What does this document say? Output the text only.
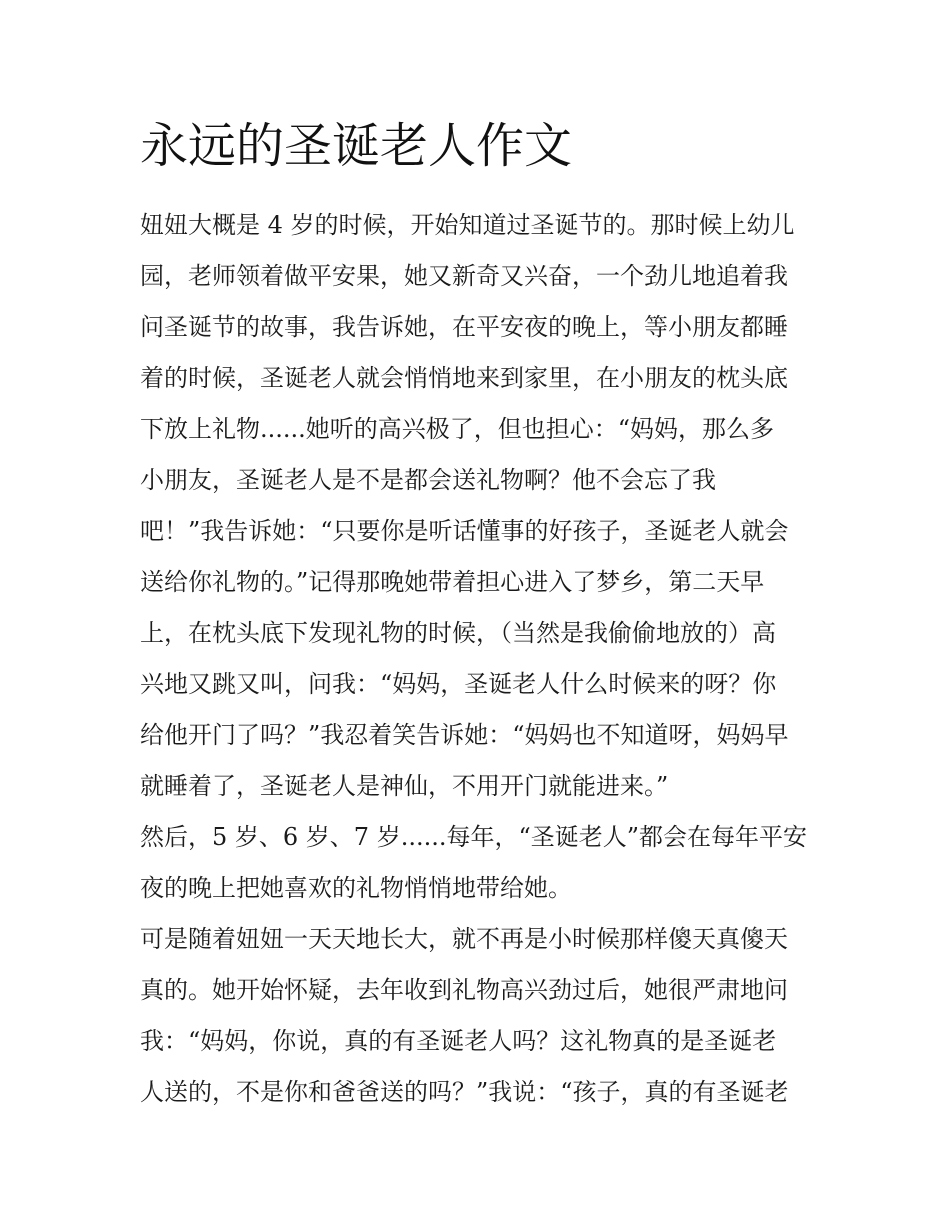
永远的圣诞老人作文
妞妞大概是 4 岁的时候，开始知道过圣诞节的。那时候上幼儿
园，老师领着做平安果，她又新奇又兴奋，一个劲儿地追着我
问圣诞节的故事，我告诉她，在平安夜的晚上，等小朋友都睡
着的时候，圣诞老人就会悄悄地来到家里，在小朋友的枕头底
下放上礼物......她听的高兴极了，但也担心：“妈妈，那么多
小朋友，圣诞老人是不是都会送礼物啊？他不会忘了我
吧！”我告诉她：“只要你是听话懂事的好孩子，圣诞老人就会
送给你礼物的。”记得那晚她带着担心进入了梦乡，第二天早
上，在枕头底下发现礼物的时候，（当然是我偷偷地放的）高
兴地又跳又叫，问我：“妈妈，圣诞老人什么时候来的呀？你
给他开门了吗？”我忍着笑告诉她：“妈妈也不知道呀，妈妈早
就睡着了，圣诞老人是神仙，不用开门就能进来。”
然后，5 岁、6 岁、7 岁......每年，“圣诞老人”都会在每年平安
夜的晚上把她喜欢的礼物悄悄地带给她。
可是随着妞妞一天天地长大，就不再是小时候那样傻天真傻天
真的。她开始怀疑，去年收到礼物高兴劲过后，她很严肃地问
我：“妈妈，你说，真的有圣诞老人吗？这礼物真的是圣诞老
人送的，不是你和爸爸送的吗？”我说：“孩子，真的有圣诞老
